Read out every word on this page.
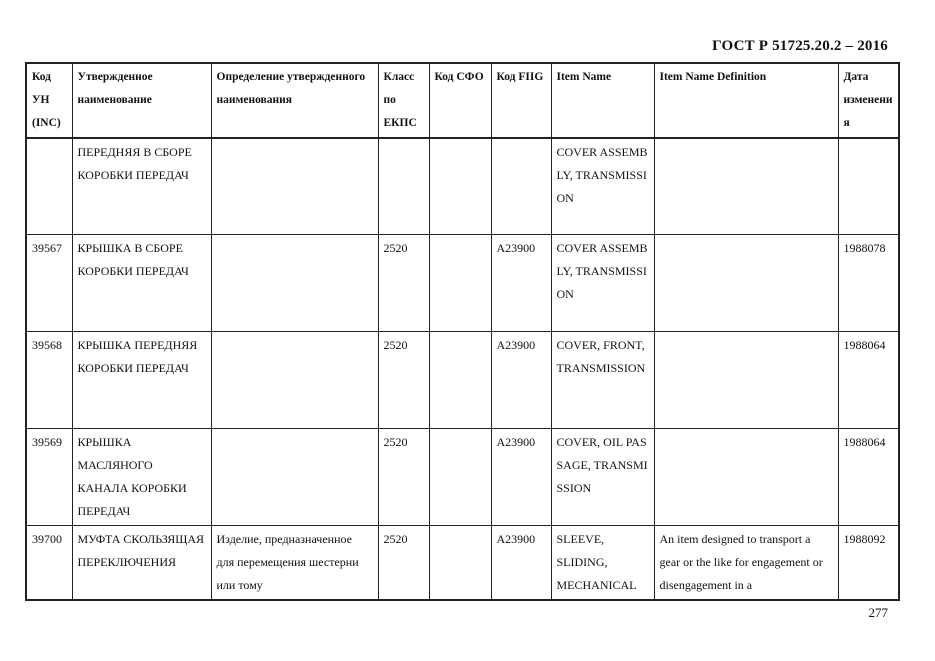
ГОСТ Р 51725.20.2 – 2016
Код УН (INC)	Утвержденное наименование	Определение утвержденного наименования	Класс по ЕКПС	Код СФО	Код FIIG	Item Name	Item Name Definition	Дата изменения
	ПЕРЕДНЯЯ В СБОРЕ КОРОБКИ ПЕРЕДАЧ					COVER ASSEMBLY, TRANSMISSION		
39567	КРЫШКА В СБОРЕ КОРОБКИ ПЕРЕДАЧ		2520		A23900	COVER ASSEMBLY, TRANSMISSION		1988078
39568	КРЫШКА ПЕРЕДНЯЯ КОРОБКИ ПЕРЕДАЧ		2520		A23900	COVER, FRONT, TRANSMISSION		1988064
39569	КРЫШКА МАСЛЯНОГО КАНАЛА КОРОБКИ ПЕРЕДАЧ		2520		A23900	COVER, OIL PASSAGE, TRANSMISSION		1988064
39700	МУФТА СКОЛЬЗЯЩАЯ ПЕРЕКЛЮЧЕНИЯ	Изделие, предназначенное для перемещения шестерни или тому	2520		A23900	SLEEVE, SLIDING, MECHANICAL	An item designed to transport a gear or the like for engagement or disengagement in a	1988092
277
